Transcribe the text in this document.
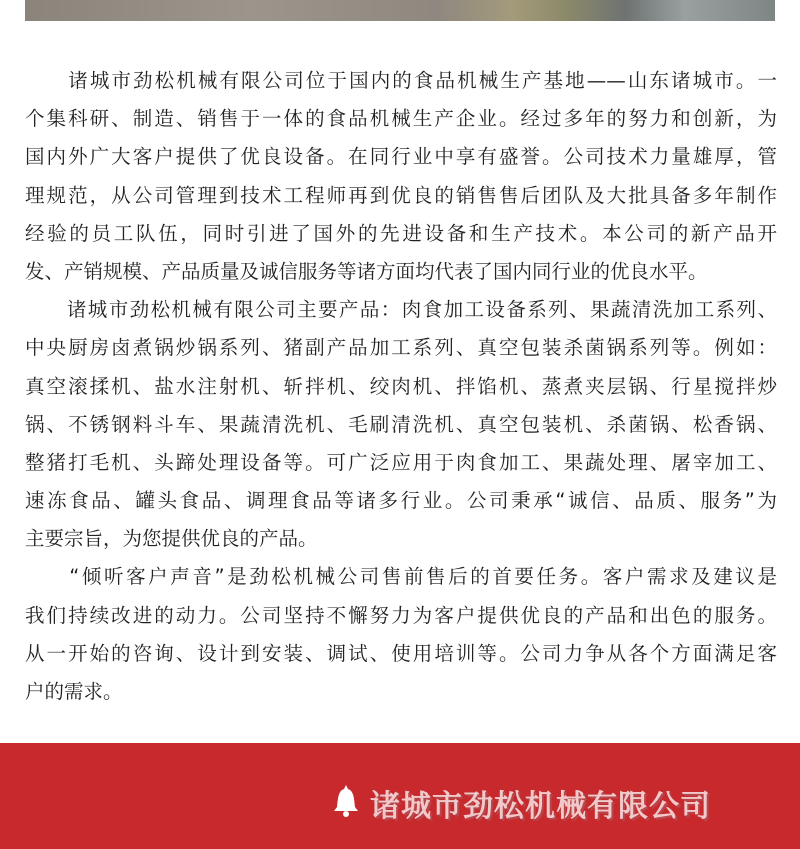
　　诸城市劲松机械有限公司位于国内的食品机械生产基地——山东诸城市。一
个集科研、制造、销售于一体的食品机械生产企业。经过多年的努力和创新，为
国内外广大客户提供了优良设备。在同行业中享有盛誉。公司技术力量雄厚，管
理规范，从公司管理到技术工程师再到优良的销售售后团队及大批具备多年制作
经验的员工队伍，同时引进了国外的先进设备和生产技术。本公司的新产品开
发、产销规模、产品质量及诚信服务等诸方面均代表了国内同行业的优良水平。
　　诸城市劲松机械有限公司主要产品：肉食加工设备系列、果蔬清洗加工系列、
中央厨房卤煮锅炒锅系列、猪副产品加工系列、真空包装杀菌锅系列等。例如：
真空滚揉机、盐水注射机、斩拌机、绞肉机、拌馅机、蒸煮夹层锅、行星搅拌炒
锅、不锈钢料斗车、果蔬清洗机、毛刷清洗机、真空包装机、杀菌锅、松香锅、
整猪打毛机、头蹄处理设备等。可广泛应用于肉食加工、果蔬处理、屠宰加工、
速冻食品、罐头食品、调理食品等诸多行业。公司秉承“诚信、品质、服务”为
主要宗旨，为您提供优良的产品。
　　“倾听客户声音”是劲松机械公司售前售后的首要任务。客户需求及建议是
我们持续改进的动力。公司坚持不懈努力为客户提供优良的产品和出色的服务。
从一开始的咨询、设计到安装、调试、使用培训等。公司力争从各个方面满足客
户的需求。
诸城市劲松机械有限公司
